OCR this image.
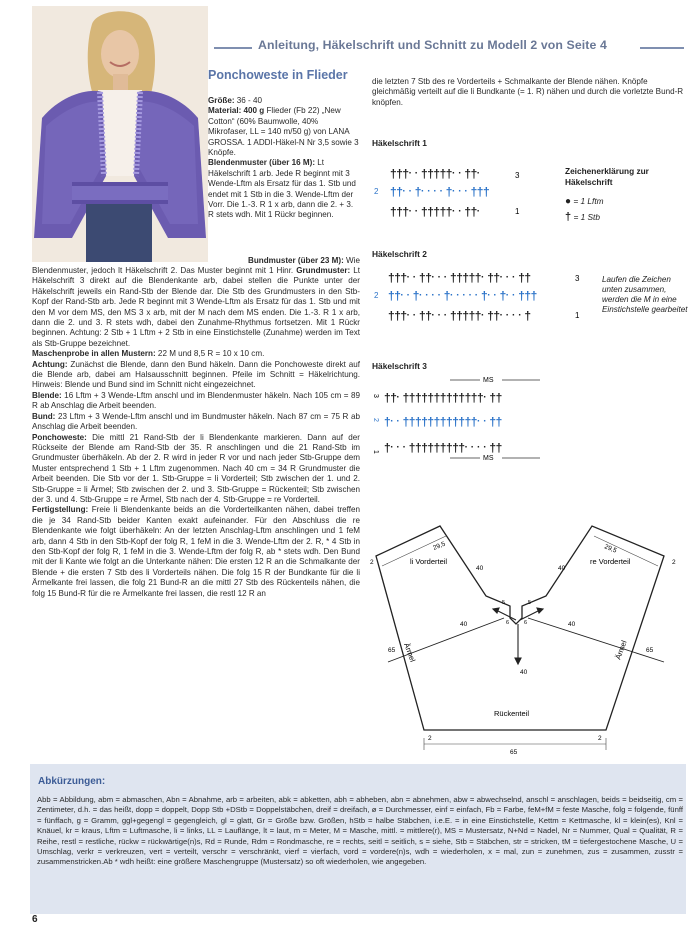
Anleitung, Häkelschrift und Schnitt zu Modell 2 von Seite 4
Ponchoweste in Flieder

Größe: 36 - 40

Material: 400 g Flieder (Fb 22) „New Cotton“ (60% Baumwolle, 40% Mikrofaser, LL = 140 m/50 g) von LANA GROSSA. 1 ADDI-Häkel-N Nr 3,5 sowie 3 Knöpfe.

Blendenmuster (über 16 M): Lt Häkelschrift 1 arb. Jede R beginnt mit 3 Wende-Lftm als Ersatz für das 1. Stb und endet mit 1 Stb in die 3. Wende-Lftm der Vorr. Die 1.-3. R 1 x arb, dann die 2. + 3. R stets wdh. Mit 1 Rückr beginnen.

Bundmuster (über 23 M): Wie

Blendenmuster, jedoch lt Häkelschrift 2. Das Muster beginnt mit 1 Hinr. Grundmuster: Lt Häkelschrift 3 direkt auf die Blendenkante arb, dabei stellen die Punkte unter der Häkelschrift jeweils ein Rand-Stb der Blende dar. Die Stb des Grundmusters in den Stb-Kopf der Rand-Stb arb. Jede R beginnt mit 3 Wende-Lftm als Ersatz für das 1. Stb und mit den M vor dem MS, den MS 3 x arb, mit der M nach dem MS enden. Die 1.-3. R 1 x arb, dann die 2. und 3. R stets wdh, dabei den Zunahme-Rhythmus fortsetzen. Mit 1 Rückr beginnen. Achtung: 2 Stb + 1 Lftm + 2 Stb in eine Einstichstelle (Zunahme) werden im Text als Stb-Gruppe bezeichnet.

Maschenprobe in allen Mustern: 22 M und 8,5 R = 10 x 10 cm.

Achtung: Zunächst die Blende, dann den Bund häkeln. Dann die Ponchoweste direkt auf die Blende arb, dabei am Halsausschnitt beginnen. Pfeile im Schnitt = Häkelrichtung. Hinweis: Blende und Bund sind im Schnitt nicht eingezeichnet.

Blende: 16 Lftm + 3 Wende-Lftm anschl und im Blendenmuster häkeln. Nach 105 cm = 89 R ab Anschlag die Arbeit beenden.

Bund: 23 Lftm + 3 Wende-Lftm anschl und im Bundmuster häkeln. Nach 87 cm = 75 R ab Anschlag die Arbeit beenden.

Ponchoweste: Die mittl 21 Rand-Stb der li Blendenkante markieren. Dann auf der Rückseite der Blende am Rand-Stb der 35. R anschlingen und die 21 Rand-Stb im Grundmuster überhäkeln. Ab der 2. R wird in jeder R vor und nach jeder Stb-Gruppe dem Muster entsprechend 1 Stb + 1 Lftm zugenommen. Nach 40 cm = 34 R Grundmuster die Arbeit beenden. Die Stb vor der 1. Stb-Gruppe = li Vorderteil; Stb zwischen der 1. und 2. Stb-Gruppe = li Ärmel; Stb zwischen der 2. und 3. Stb-Gruppe = Rückenteil; Stb zwischen der 3. und 4. Stb-Gruppe = re Ärmel, Stb nach der 4. Stb-Gruppe = re Vorderteil.

Fertigstellung: Freie li Blendenkante beids an die Vorderteilkanten nähen, dabei treffen die je 34 Rand-Stb beider Kanten exakt aufeinander. Für den Abschluss die re Blendenkante wie folgt überhäkeln: An der letzten Anschlag-Lftm anschlingen und 1 feM arb, dann 4 Stb in den Stb-Kopf der folg R, 1 feM in die 3. Wende-Lftm der 2. R, * 4 Stb in den Stb-Kopf der folg R, 1 feM in die 3. Wende-Lftm der folg R, ab * stets wdh. Den Bund mit der li Kante wie folgt an die Unterkante nähen: Die ersten 12 R an die Schmalkante der Blende + die ersten 7 Stb des li Vorderteils nähen. Die folg 15 R der Bundkante für die li Ärmelkante frei lassen, die folg 21 Bund-R an die mittl 27 Stb des Rückenteils nähen, die folg 15 Bund-R für die re Ärmelkante frei lassen, die restl 12 R an

die letzten 7 Stb des re Vorderteils + Schmalkante der Blende nähen. Knöpfe gleichmäßig verteilt auf die li Bundkante (= 1. R) nähen und durch die vorletzte Bund-R knöpfen.
Häkelschrift 1
Häkelschrift 2
Häkelschrift 3
Zeichenerklärung zur Häkelschrift
● = 1 Lftm
† = 1 Stb
Laufen die Zeichen unten zusammen, werden die M in eine Einstichstelle gearbeitet
† † † · · † † † † † · · † † ·
† † · · † · · · · † · · · † † †
† † † · · † † † † † · · † † ·
† † † · · † † · · · † † † † † · † † · · · † †
† † · · † · · · · † · · · · · † · · † · · † † †
† † † · · † † · · · † † † † † · † † · · · · †
3
2
1
3
2
1
† † · † † † † † † † † † † † † † · † †
† · · † † † † † † † † † † † † · · † †
† · · · † † † † † † † † † · · · · † †
MS
MS
3
2
1
29,5	29,5
2	2
40	40
40	40
40
65	65
65
2	2
5	5
6	6
li Vorderteil	re Vorderteil
Ärmel	Ärmel
Rückenteil
Abkürzungen:
Abb = Abbildung, abm = abmaschen, Abn = Abnahme, arb = arbeiten, abk = abketten, abh = abheben, abn = abnehmen, abw = abwechselnd, anschl = anschlagen, beids = beidseitig, cm = Zentimeter, d.h. = das heißt, dopp = doppelt, Dopp Stb +DStb = Doppelstäbchen, dreif = dreifach, ø = Durchmesser, einf = einfach, Fb = Farbe, feM+fM = feste Masche, folg = folgende, fünff = fünffach, g = Gramm, ggl+gegengl = gegengleich, gl = glatt, Gr = Größe bzw. Größen, hStb = halbe Stäbchen, i.e.E. = in eine Einstichstelle, Kettm = Kettmasche, kl = klein(es), Knl = Knäuel, kr = kraus, Lftm = Luftmasche, li = links, LL = Lauflänge, lt = laut, m = Meter, M = Masche, mittl. = mittlere(r), MS = Mustersatz, N+Nd = Nadel, Nr = Nummer, Qual = Qualität, R = Reihe, restl = restliche, rückw = rückwärtige(n)s, Rd = Runde, Rdm = Rondmasche, re = rechts, seitl = seitlich, s = siehe, Stb = Stäbchen, str = stricken, tM = tiefergestochene Masche, U = Umschlag, verkr = verkreuzen, vert = verteilt, verschr = verschränkt, vierf = vierfach, vord = vordere(n)s, wdh = wiederholen, x = mal, zun = zunehmen, zus = zusammen, zusstr = zusammenstricken.Ab * wdh heißt: eine größere Maschengruppe (Mustersatz) so oft wiederholen, wie angegeben.
6
